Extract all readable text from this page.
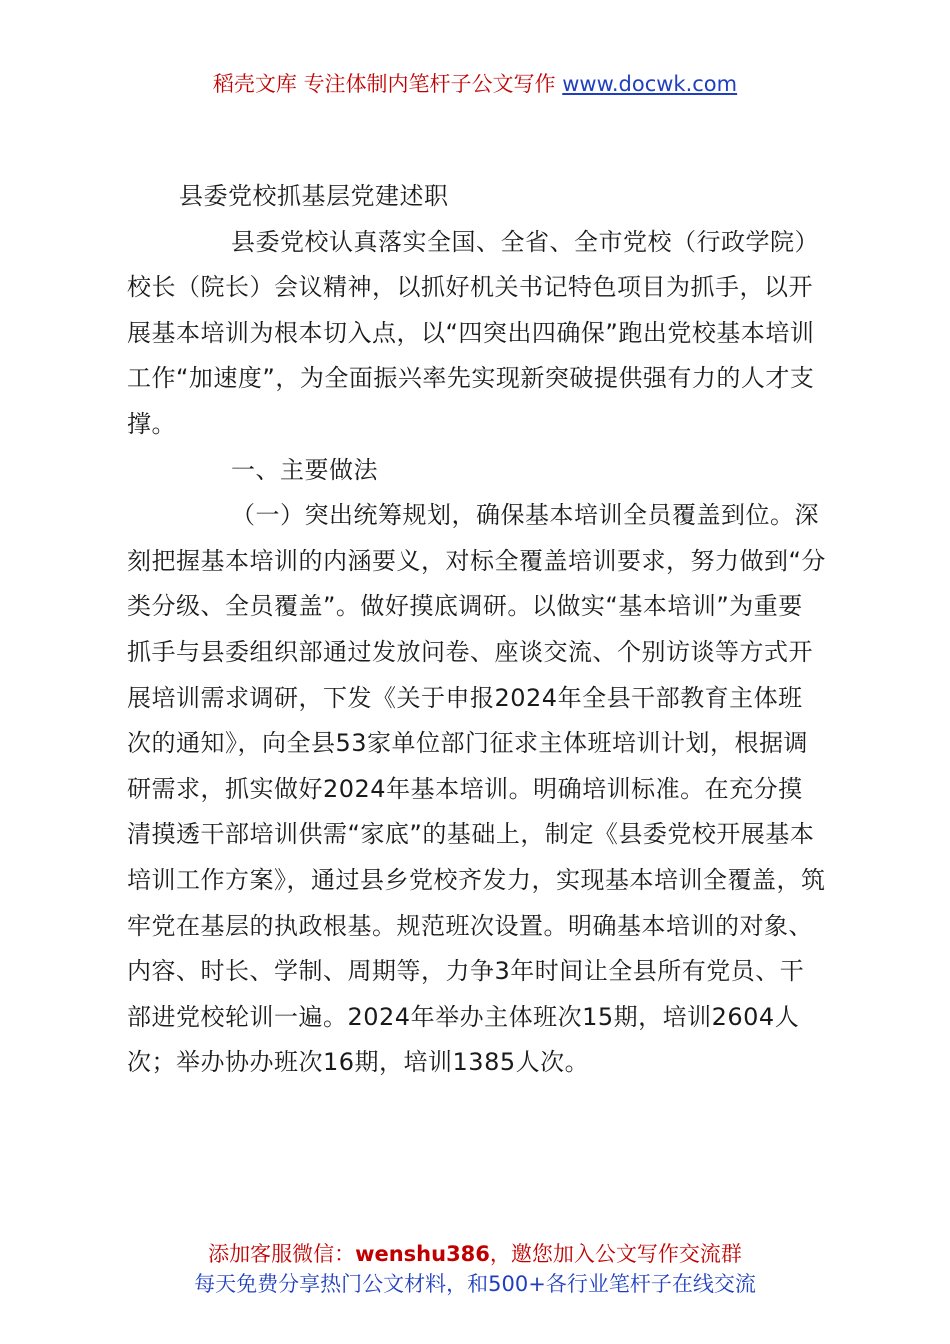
稻壳文库 专注体制内笔杆子公文写作 www.docwk.com

县委党校抓基层党建述职

县委党校认真落实全国、全省、全市党校（行政学院）校长（院长）会议精神，以抓好机关书记特色项目为抓手，以开展基本培训为根本切入点，以“四突出四确保”跑出党校基本培训工作“加速度”，为全面振兴率先实现新突破提供强有力的人才支撑。

一、主要做法

（一）突出统筹规划，确保基本培训全员覆盖到位。深刻把握基本培训的内涵要义，对标全覆盖培训要求，努力做到“分类分级、全员覆盖”。做好摸底调研。以做实“基本培训”为重要抓手与县委组织部通过发放问卷、座谈交流、个别访谈等方式开展培训需求调研，下发《关于申报2024年全县干部教育主体班次的通知》，向全县53家单位部门征求主体班培训计划，根据调研需求，抓实做好2024年基本培训。明确培训标准。在充分摸清摸透干部培训供需“家底”的基础上，制定《县委党校开展基本培训工作方案》，通过县乡党校齐发力，实现基本培训全覆盖，筑牢党在基层的执政根基。规范班次设置。明确基本培训的对象、内容、时长、学制、周期等，力争3年时间让全县所有党员、干部进党校轮训一遍。2024年举办主体班次15期，培训2604人次；举办协办班次16期，培训1385人次。

添加客服微信：wenshu386，邀您加入公文写作交流群
每天免费分享热门公文材料，和500+各行业笔杆子在线交流
